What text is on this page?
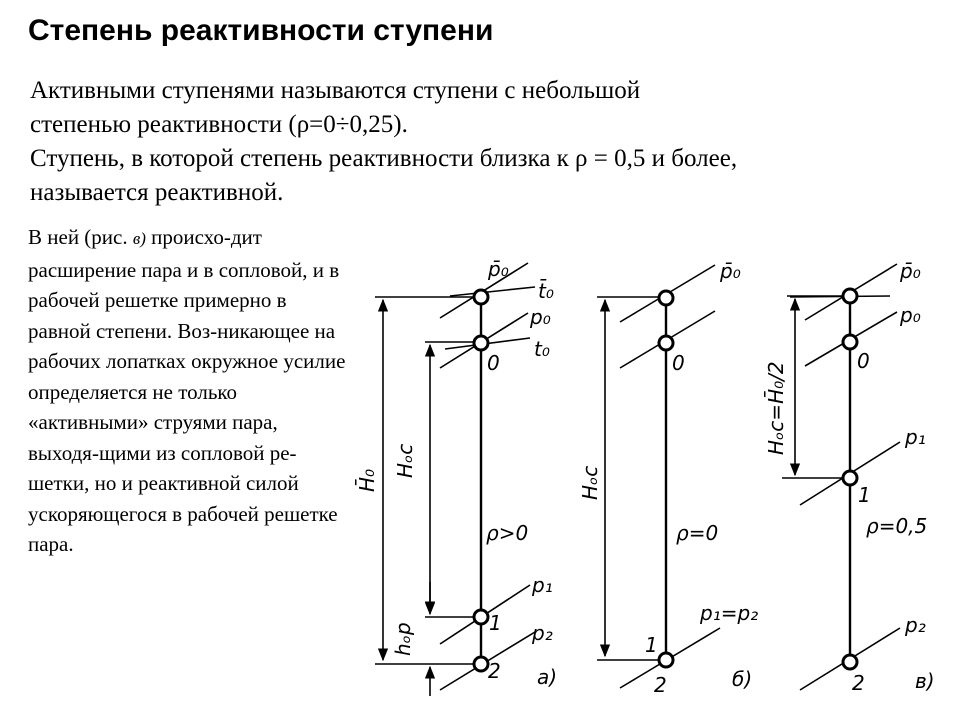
Степень реактивности ступени

Активными ступенями называются ступени с небольшой

степенью реактивности (ρ=0÷0,25).

Ступень, в которой степень реактивности близка к ρ = 0,5 и более,

называется реактивной.

В ней (рис. в) происхо-дит расширение пара и в сопловой, и в рабочей решетке примерно в равной степени. Воз-никающее на рабочих лопатках окружное усилие определяется не только «активными» струями пара, выходя-щими из сопловой ре-шетки, но и реактивной силой ускоряющегося в рабочей решетке пара.

p̄₀
t̄₀
p₀
t₀
0
H̄₀
Hₒc
ρ>0
p₁
1
hₒp	p₂
2 а)
p̄₀
0
Hₒc
ρ=0
p₁=p₂
1
2	б)
p̄₀
p₀
0
Hₒc=H̄₀/2	p₁
1
ρ=0,5
p₂
2	в)
